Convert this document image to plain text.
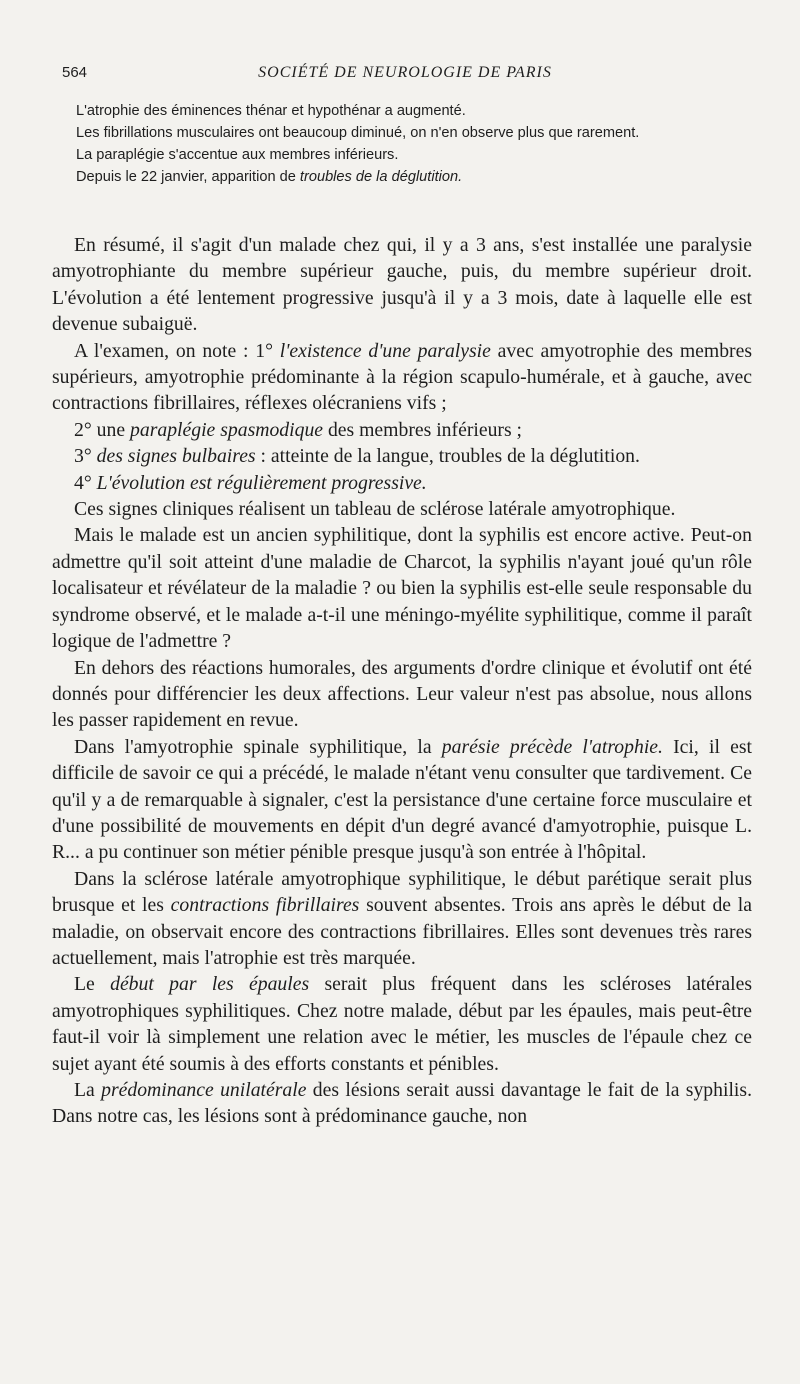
564	SOCIÉTÉ DE NEUROLOGIE DE PARIS

L'atrophie des éminences thénar et hypothénar a augmenté.

Les fibrillations musculaires ont beaucoup diminué, on n'en observe plus que rarement.

La paraplégie s'accentue aux membres inférieurs.

Depuis le 22 janvier, apparition de troubles de la déglutition.

En résumé, il s'agit d'un malade chez qui, il y a 3 ans, s'est installée une paralysie amyotrophiante du membre supérieur gauche, puis, du membre supérieur droit. L'évolution a été lentement progressive jusqu'à il y a 3 mois, date à laquelle elle est devenue subaiguë.

A l'examen, on note : 1° l'existence d'une paralysie avec amyotrophie des membres supérieurs, amyotrophie prédominante à la région scapulo-humérale, et à gauche, avec contractions fibrillaires, réflexes olécraniens vifs ;

2° une paraplégie spasmodique des membres inférieurs ;

3° des signes bulbaires : atteinte de la langue, troubles de la déglutition.

4° L'évolution est régulièrement progressive.

Ces signes cliniques réalisent un tableau de sclérose latérale amyotrophique.

Mais le malade est un ancien syphilitique, dont la syphilis est encore active. Peut-on admettre qu'il soit atteint d'une maladie de Charcot, la syphilis n'ayant joué qu'un rôle localisateur et révélateur de la maladie ? ou bien la syphilis est-elle seule responsable du syndrome observé, et le malade a-t-il une méningo-myélite syphilitique, comme il paraît logique de l'admettre ?

En dehors des réactions humorales, des arguments d'ordre clinique et évolutif ont été donnés pour différencier les deux affections. Leur valeur n'est pas absolue, nous allons les passer rapidement en revue.

Dans l'amyotrophie spinale syphilitique, la parésie précède l'atrophie. Ici, il est difficile de savoir ce qui a précédé, le malade n'étant venu consulter que tardivement. Ce qu'il y a de remarquable à signaler, c'est la persistance d'une certaine force musculaire et d'une possibilité de mouvements en dépit d'un degré avancé d'amyotrophie, puisque L. R... a pu continuer son métier pénible presque jusqu'à son entrée à l'hôpital.

Dans la sclérose latérale amyotrophique syphilitique, le début parétique serait plus brusque et les contractions fibrillaires souvent absentes. Trois ans après le début de la maladie, on observait encore des contractions fibrillaires. Elles sont devenues très rares actuellement, mais l'atrophie est très marquée.

Le début par les épaules serait plus fréquent dans les scléroses latérales amyotrophiques syphilitiques. Chez notre malade, début par les épaules, mais peut-être faut-il voir là simplement une relation avec le métier, les muscles de l'épaule chez ce sujet ayant été soumis à des efforts constants et pénibles.

La prédominance unilatérale des lésions serait aussi davantage le fait de la syphilis. Dans notre cas, les lésions sont à prédominance gauche, non
